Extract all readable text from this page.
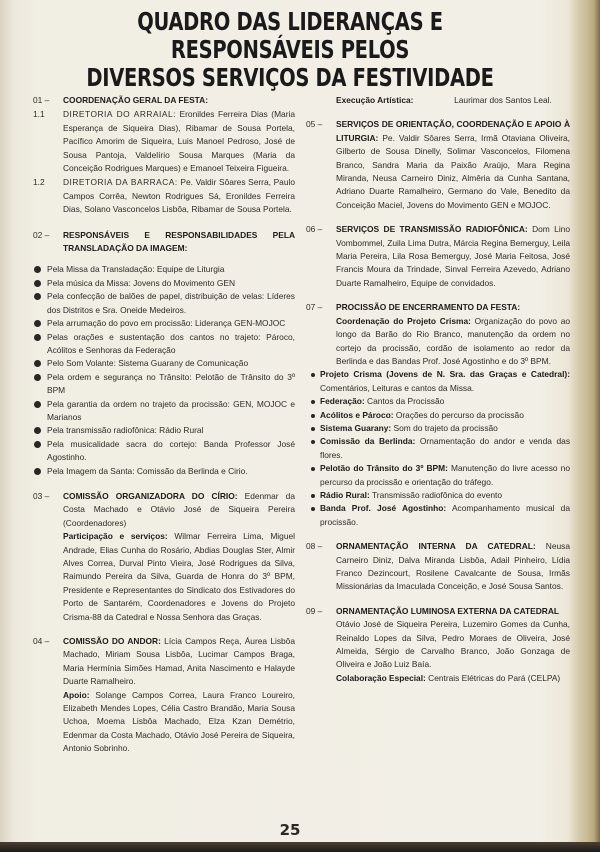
QUADRO DAS LIDERANÇAS E RESPONSÁVEIS PELOS
DIVERSOS SERVIÇOS DA FESTIVIDADE
01 –	COORDENAÇÃO GERAL DA FESTA:
1.1	DIRETORIA DO ARRAIAL: Eronildes Ferreira Dias (Maria Esperança de Siqueira Dias), Ribamar de Sousa Portela, Pacífico Amorim de Siqueira, Luis Manoel Pedroso, José de Sousa Pantoja, Valdelírio Sousa Marques (Maria da Conceição Rodrigues Marques) e Emanoel Teixeira Figueira.
1.2	DIRETORIA DA BARRACA: Pe. Valdir Sôares Serra, Paulo Campos Corrêa, Newton Rodrigues Sá, Eronildes Ferreira Dias, Solano Vasconcelos Lisbôa, Ribamar de Sousa Portela.
02 –	RESPONSÁVEIS E RESPONSABILIDADES PELA TRANSLADAÇÃO DA IMAGEM:
Pela Missa da Transladação: Equipe de Liturgia
Pela música da Missa: Jovens do Movimento GEN
Pela confecção de balões de papel, distribuição de velas: Líderes dos Distritos e Sra. Oneide Medeiros.
Pela arrumação do povo em procissão: Liderança GEN-MOJOC
Pelas orações e sustentação dos cantos no trajeto: Pároco, Acólitos e Senhoras da Federação
Pelo Som Volante: Sistema Guarany de Comunicação
Pela ordem e segurança no Trânsito: Pelotão de Trânsito do 3º BPM
Pela garantia da ordem no trajeto da procissão: GEN, MOJOC e Marianos
Pela transmissão radiofônica: Rádio Rural
Pela musicalidade sacra do cortejo: Banda Professor José Agostinho.
Pela Imagem da Santa: Comissão da Berlinda e Cirio.
03 –	COMISSÃO ORGANIZADORA DO CÍRIO: Edenmar da Costa Machado e Otávio José de Siqueira Pereira (Coordenadores)
Participação e serviços: Wilmar Ferreira Lima, Miguel Andrade, Elias Cunha do Rosário, Abdias Douglas Ster, Almir Alves Correa, Durval Pinto Vieira, José Rodrigues da Silva, Raimundo Pereira da Silva, Guarda de Honra do 3º BPM, Presidente e Representantes do Sindicato dos Estivadores do Porto de Santarém, Coordenadores e Jovens do Projeto Crisma-88 da Catedral e Nossa Senhora das Graças.
04 –	COMISSÃO DO ANDOR: Lícia Campos Reça, Áurea Lisbôa Machado, Miriam Sousa Lisbôa, Lucimar Campos Braga, Maria Hermínia Simões Hamad, Anita Nascimento e Halayde Duarte Ramalheiro.
Apoio: Solange Campos Correa, Laura Franco Loureiro, Elizabeth Mendes Lopes, Célia Castro Brandão, Maria Sousa Uchoa, Moema Lisbôa Machado, Elza Kzan Demétrio, Edenmar da Costa Machado, Otávio José Pereira de Siqueira, Antonio Sobrinho.
Execução Artística:	Laurimar dos Santos Leal.
05 –	SERVIÇOS DE ORIENTAÇÃO, COORDENAÇÃO E APOIO À LITURGIA: Pe. Valdir Sôares Serra, Irmã Otaviana Oliveira, Gilberto de Sousa Dinelly, Solimar Vasconcelos, Filomena Branco, Sandra Maria da Paixão Araújo, Mara Regina Miranda, Neusa Carneiro Diniz, Almêria da Cunha Santana, Adriano Duarte Ramalheiro, Germano do Vale, Benedito da Conceição Maciel, Jovens do Movimento GEN e MOJOC.
06 –	SERVIÇOS DE TRANSMISSÃO RADIOFÔNICA: Dom Lino Vombommel, Zuila Lima Dutra, Márcia Regina Bemerguy, Leila Maria Pereira, Lila Rosa Bemerguy, José Maria Feitosa, José Francis Moura da Trindade, Sinval Ferreira Azevedo, Adriano Duarte Ramalheiro, Equipe de convidados.
07 –	PROCISSÃO DE ENCERRAMENTO DA FESTA:
Coordenação do Projeto Crisma: Organização do povo ao longo da Barão do Rio Branco, manutenção da ordem no cortejo da procissão, cordão de isolamento ao redor da Berlinda e das Bandas Prof. José Agostinho e do 3º BPM.
Projeto Crisma (Jovens de N. Sra. das Graças e Catedral): Comentários, Leituras e cantos da Missa.
Federação: Cantos da Procissão
Acólitos e Pároco: Orações do percurso da procissão
Sistema Guarany: Som do trajeto da procissão
Comissão da Berlinda: Ornamentação do andor e venda das flores.
Pelotão do Trânsito do 3º BPM: Manutenção do livre acesso no percurso da procissão e orientação do tráfego.
Rádio Rural: Transmissão radiofônica do evento
Banda Prof. José Agostinho: Acompanhamento musical da procissão.
08 –	ORNAMENTAÇÃO INTERNA DA CATEDRAL: Neusa Carneiro Diniz, Dalva Miranda Lisbôa, Adail Pinheiro, Lídia Franco Dezincourt, Rosilene Cavalcante de Sousa, Irmãs Missionárias da Imaculada Conceição, e José Sousa Santos.
09 –	ORNAMENTAÇÃO LUMINOSA EXTERNA DA CATEDRAL
Otávio José de Siqueira Pereira, Luzemiro Gomes da Cunha, Reinaldo Lopes da Silva, Pedro Moraes de Oliveira, José Almeida, Sérgio de Carvalho Branco, João Gonzaga de Oliveira e João Luiz Baía.
Colaboração Especial: Centrais Elétricas do Pará (CELPA)
25
